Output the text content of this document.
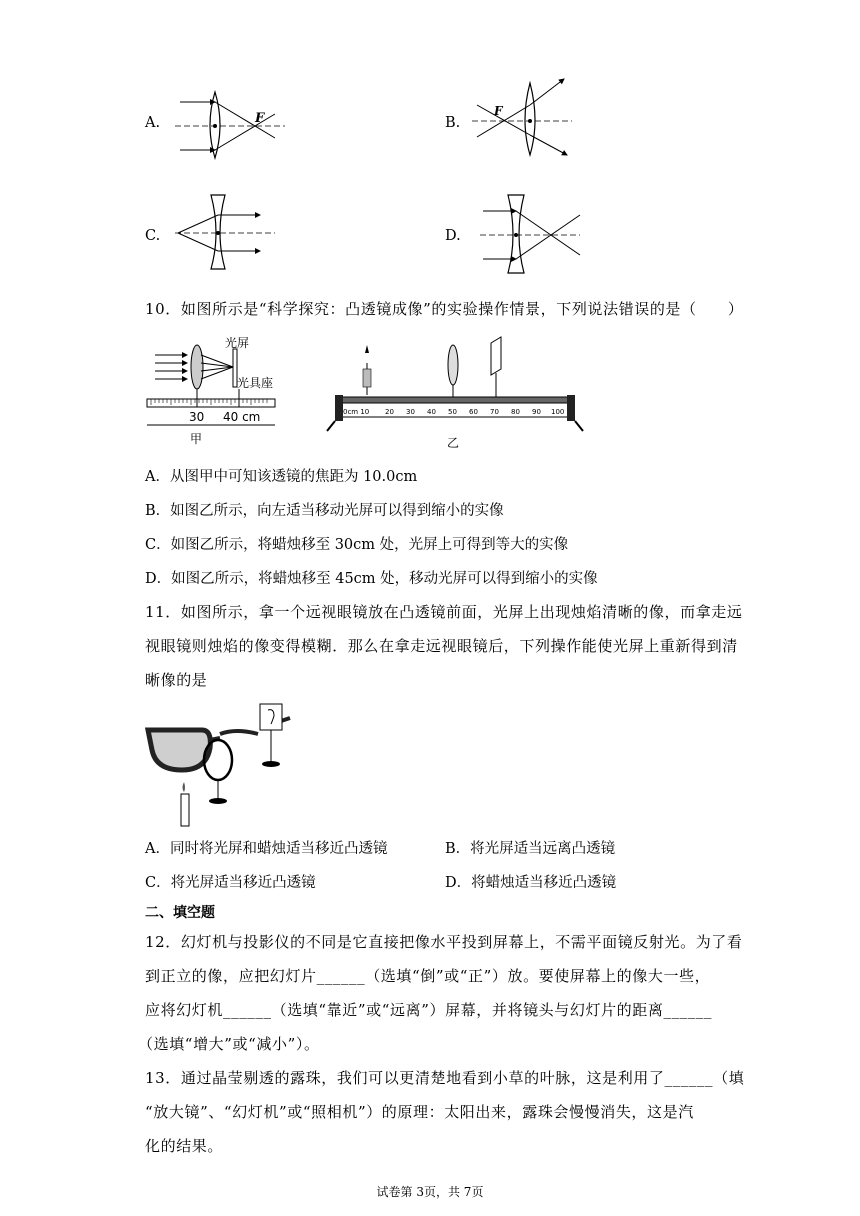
A.	F	B.
F
C.	D.
10．如图所示是“科学探究：凸透镜成像”的实验操作情景，下列说法错误的是（　　）
光屏
光具座
30 40 cm
甲
0cm 10 20 30 40 50 60 70 80 90 100
乙
A．从图甲中可知该透镜的焦距为 10.0cm
B．如图乙所示，向左适当移动光屏可以得到缩小的实像
C．如图乙所示，将蜡烛移至 30cm 处，光屏上可得到等大的实像
D．如图乙所示，将蜡烛移至 45cm 处，移动光屏可以得到缩小的实像
11．如图所示，拿一个远视眼镜放在凸透镜前面，光屏上出现烛焰清晰的像，而拿走远
视眼镜则烛焰的像变得模糊．那么在拿走远视眼镜后，下列操作能使光屏上重新得到清
晰像的是
A．同时将光屏和蜡烛适当移近凸透镜	B．将光屏适当远离凸透镜
C．将光屏适当移近凸透镜	D．将蜡烛适当移近凸透镜
二、填空题
12．幻灯机与投影仪的不同是它直接把像水平投到屏幕上，不需平面镜反射光。为了看
到正立的像，应把幻灯片______（选填“倒”或“正”）放。要使屏幕上的像大一些，
应将幻灯机______（选填“靠近”或“远离”）屏幕，并将镜头与幻灯片的距离______
（选填“增大”或“减小”）。
13．通过晶莹剔透的露珠，我们可以更清楚地看到小草的叶脉，这是利用了______（填
“放大镜”、“幻灯机”或“照相机”）的原理：太阳出来，露珠会慢慢消失，这是汽
化的结果。
试卷第 3页，共 7页
